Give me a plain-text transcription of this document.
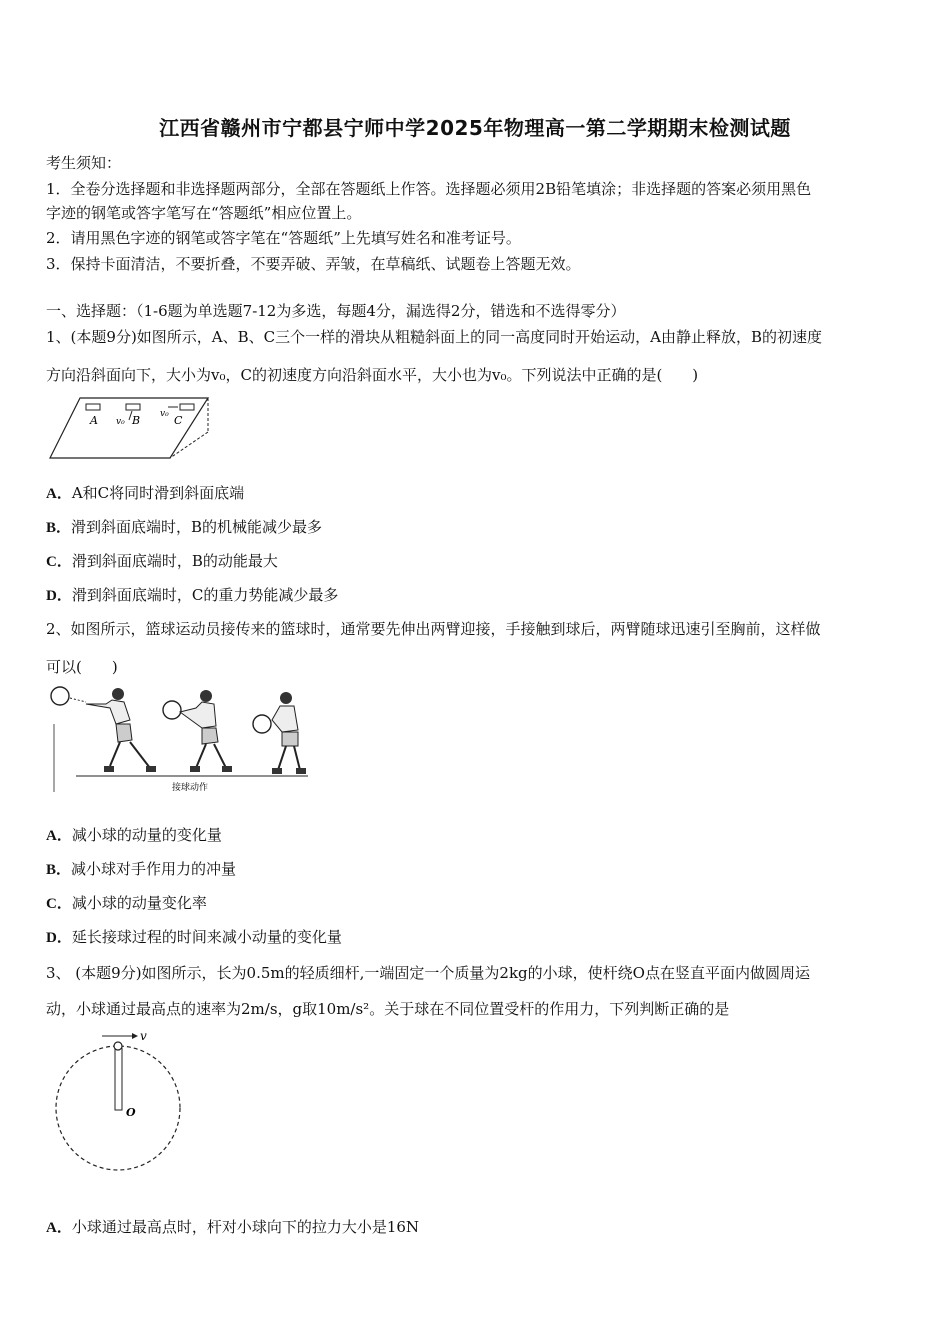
江西省赣州市宁都县宁师中学2025年物理高一第二学期期末检测试题
考生须知：
1．全卷分选择题和非选择题两部分，全部在答题纸上作答。选择题必须用2B铅笔填涂；非选择题的答案必须用黑色
字迹的钢笔或答字笔写在“答题纸”相应位置上。
2．请用黑色字迹的钢笔或答字笔在“答题纸”上先填写姓名和准考证号。
3．保持卡面清洁，不要折叠，不要弄破、弄皱，在草稿纸、试题卷上答题无效。
一、选择题：（1-6题为单选题7-12为多选，每题4分，漏选得2分，错选和不选得零分）
1、(本题9分)如图所示，A、B、C三个一样的滑块从粗糙斜面上的同一高度同时开始运动，A由静止释放，B的初速度
方向沿斜面向下，大小为v₀，C的初速度方向沿斜面水平，大小也为v₀。下列说法中正确的是(　　)
A v₀ B v₀ C
A．A和C将同时滑到斜面底端
B．滑到斜面底端时，B的机械能减少最多
C．滑到斜面底端时，B的动能最大
D．滑到斜面底端时，C的重力势能减少最多
2、如图所示，篮球运动员接传来的篮球时，通常要先伸出两臂迎接，手接触到球后，两臂随球迅速引至胸前，这样做
可以(　　)
接球动作
A．减小球的动量的变化量
B．减小球对手作用力的冲量
C．减小球的动量变化率
D．延长接球过程的时间来减小动量的变化量
3、 (本题9分)如图所示，长为0.5m的轻质细杆,一端固定一个质量为2kg的小球，使杆绕O点在竖直平面内做圆周运
动，小球通过最高点的速率为2m/s，g取10m/s²。关于球在不同位置受杆的作用力，下列判断正确的是
v
O
A．小球通过最高点时，杆对小球向下的拉力大小是16N
